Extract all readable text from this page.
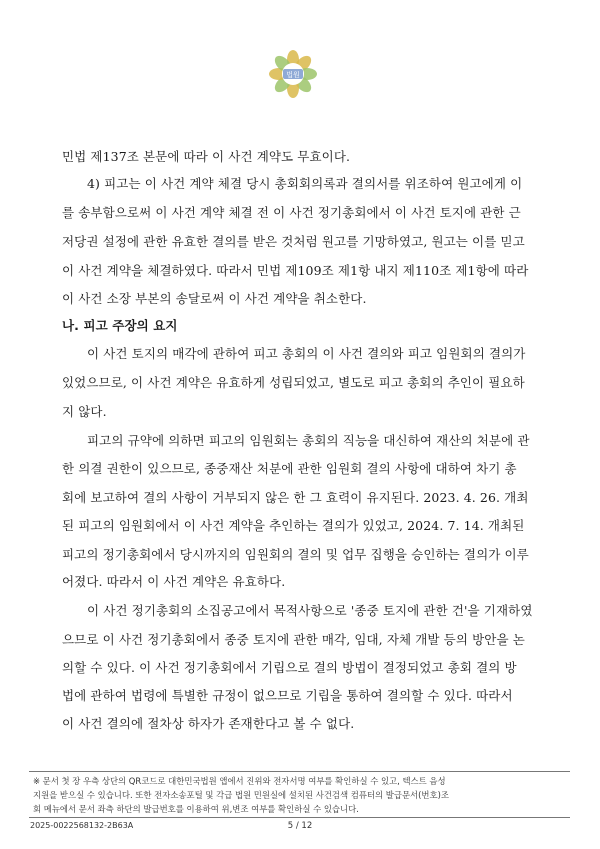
법원
민법 제137조 본문에 따라 이 사건 계약도 무효이다.
4) 피고는 이 사건 계약 체결 당시 총회회의록과 결의서를 위조하여 원고에게 이
를 송부함으로써 이 사건 계약 체결 전 이 사건 정기총회에서 이 사건 토지에 관한 근
저당권 설정에 관한 유효한 결의를 받은 것처럼 원고를 기망하였고, 원고는 이를 믿고
이 사건 계약을 체결하였다. 따라서 민법 제109조 제1항 내지 제110조 제1항에 따라
이 사건 소장 부본의 송달로써 이 사건 계약을 취소한다.
나. 피고 주장의 요지
이 사건 토지의 매각에 관하여 피고 총회의 이 사건 결의와 피고 임원회의 결의가
있었으므로, 이 사건 계약은 유효하게 성립되었고, 별도로 피고 총회의 추인이 필요하
지 않다.
피고의 규약에 의하면 피고의 임원회는 총회의 직능을 대신하여 재산의 처분에 관
한 의결 권한이 있으므로, 종중재산 처분에 관한 임원회 결의 사항에 대하여 차기 총
회에 보고하여 결의 사항이 거부되지 않은 한 그 효력이 유지된다. 2023. 4. 26. 개최
된 피고의 임원회에서 이 사건 계약을 추인하는 결의가 있었고, 2024. 7. 14. 개최된
피고의 정기총회에서 당시까지의 임원회의 결의 및 업무 집행을 승인하는 결의가 이루
어졌다. 따라서 이 사건 계약은 유효하다.
이 사건 정기총회의 소집공고에서 목적사항으로 '종중 토지에 관한 건'을 기재하였
으므로 이 사건 정기총회에서 종중 토지에 관한 매각, 임대, 자체 개발 등의 방안을 논
의할 수 있다. 이 사건 정기총회에서 기립으로 결의 방법이 결정되었고 총회 결의 방
법에 관하여 법령에 특별한 규정이 없으므로 기립을 통하여 결의할 수 있다. 따라서
이 사건 결의에 절차상 하자가 존재한다고 볼 수 없다.
※ 문서 첫 장 우측 상단의 QR코드로 대한민국법원 앱에서 진위와 전자서명 여부를 확인하실 수 있고, 텍스트 음성
지원을 받으실 수 있습니다. 또한 전자소송포털 및 각급 법원 민원실에 설치된 사건검색 컴퓨터의 발급문서(번호)조
회 메뉴에서 문서 좌측 하단의 발급번호를 이용하여 위,변조 여부를 확인하실 수 있습니다.
2025-0022568132-2B63A	5 / 12
